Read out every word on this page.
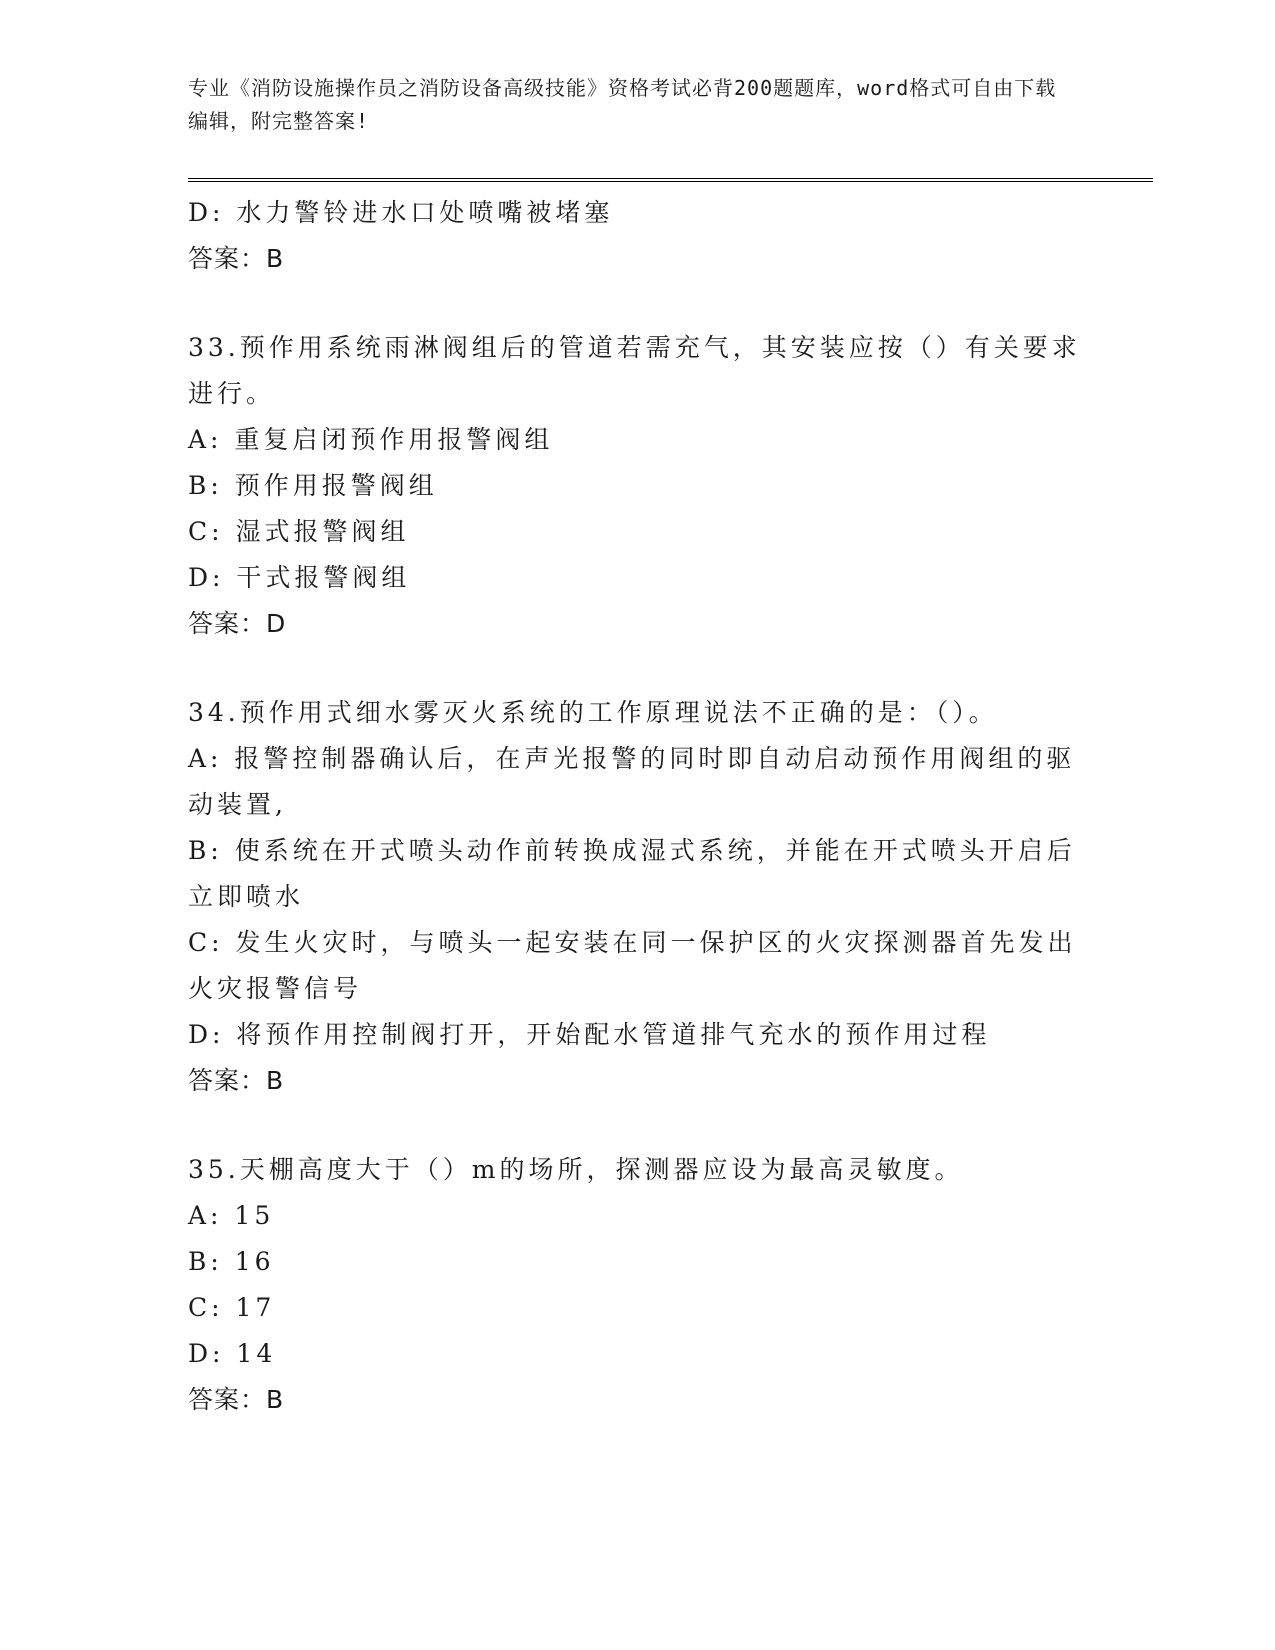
专业《消防设施操作员之消防设备高级技能》资格考试必背200题题库，word格式可自由下载编辑，附完整答案!

D: 水力警铃进水口处喷嘴被堵塞

答案：B

33.预作用系统雨淋阀组后的管道若需充气，其安装应按（）有关要求

进行。

A: 重复启闭预作用报警阀组

B: 预作用报警阀组

C: 湿式报警阀组

D: 干式报警阀组

答案：D

34.预作用式细水雾灭火系统的工作原理说法不正确的是：（）。

A: 报警控制器确认后，在声光报警的同时即自动启动预作用阀组的驱

动装置,

B: 使系统在开式喷头动作前转换成湿式系统，并能在开式喷头开启后

立即喷水

C: 发生火灾时，与喷头一起安装在同一保护区的火灾探测器首先发出

火灾报警信号

D: 将预作用控制阀打开，开始配水管道排气充水的预作用过程

答案：B

35.天棚高度大于（）m的场所，探测器应设为最高灵敏度。

A: 15

B: 16

C: 17

D: 14

答案：B
